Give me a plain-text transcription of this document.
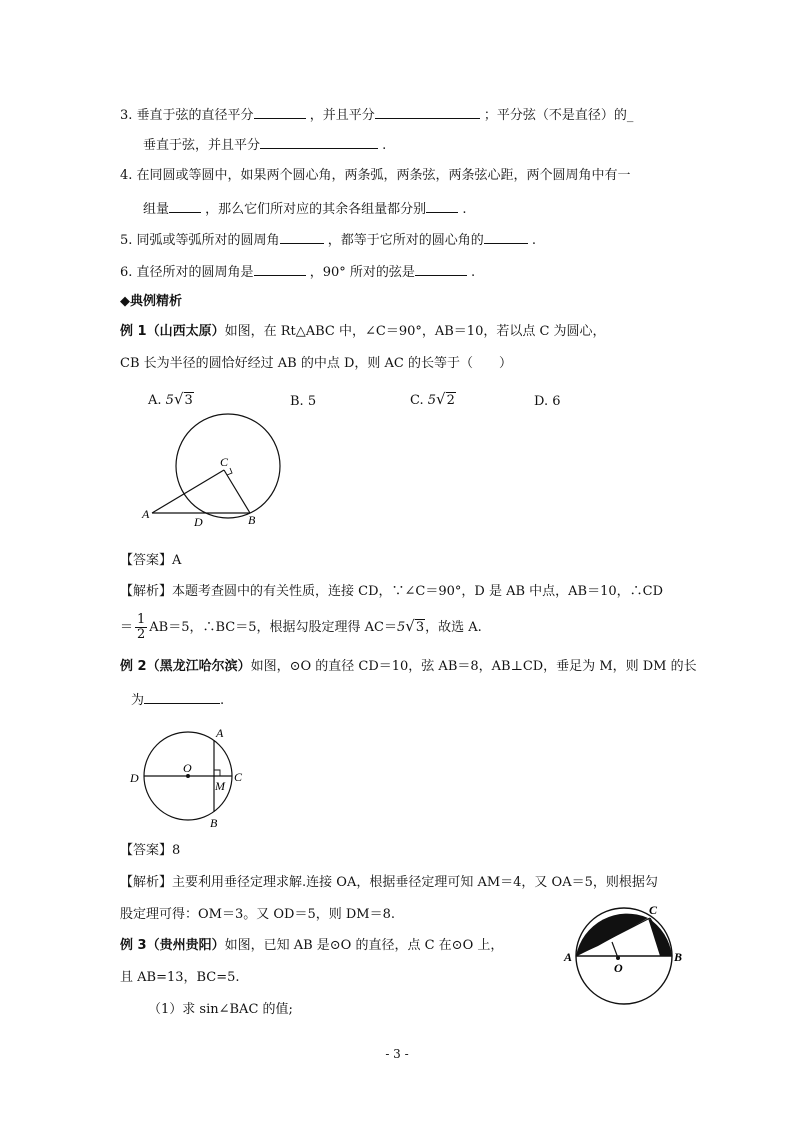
3. 垂直于弦的直径平分	，并且平分	；平分弦（不是直径）的_
垂直于弦，并且平分	.
4. 在同圆或等圆中，如果两个圆心角，两条弧，两条弦，两条弦心距，两个圆周角中有一
组量	，那么它们所对应的其余各组量都分别	.
5. 同弧或等弧所对的圆周角	，都等于它所对的圆心角的	.
6. 直径所对的圆周角是	，90° 所对的弦是	.
◆典例精析
例 1（山西太原）如图，在 Rt△ABC 中，∠C＝90°，AB＝10，若以点 C 为圆心，
CB 长为半径的圆恰好经过 AB 的中点 D，则 AC 的长等于（　　）
A. 5√3	B. 5	C. 5√2	D. 6
A	B
C
D
【答案】A
【解析】本题考查圆中的有关性质，连接 CD，∵∠C＝90°，D 是 AB 中点，AB＝10，∴CD
＝ $\frac{1}{2} AB=5$，∴BC＝5，根据勾股定理得 AC＝5√3，故选 A.
例 2（黑龙江哈尔滨）如图，⊙O 的直径 CD＝10，弦 AB＝8，AB⊥CD，垂足为 M，则 DM 的长
为	.
A
B
C
D
O
M
【答案】8
【解析】主要利用垂径定理求解.连接 OA，根据垂径定理可知 AM＝4，又 OA＝5，则根据勾
股定理可得：OM＝3。又 OD＝5，则 DM＝8.
例 3（贵州贵阳）如图，已知 AB 是⊙O 的直径，点 C 在⊙O 上，
且 AB=13，BC=5.
（1）求 sin∠BAC 的值;
A	B
C
D
O
- 3 -
